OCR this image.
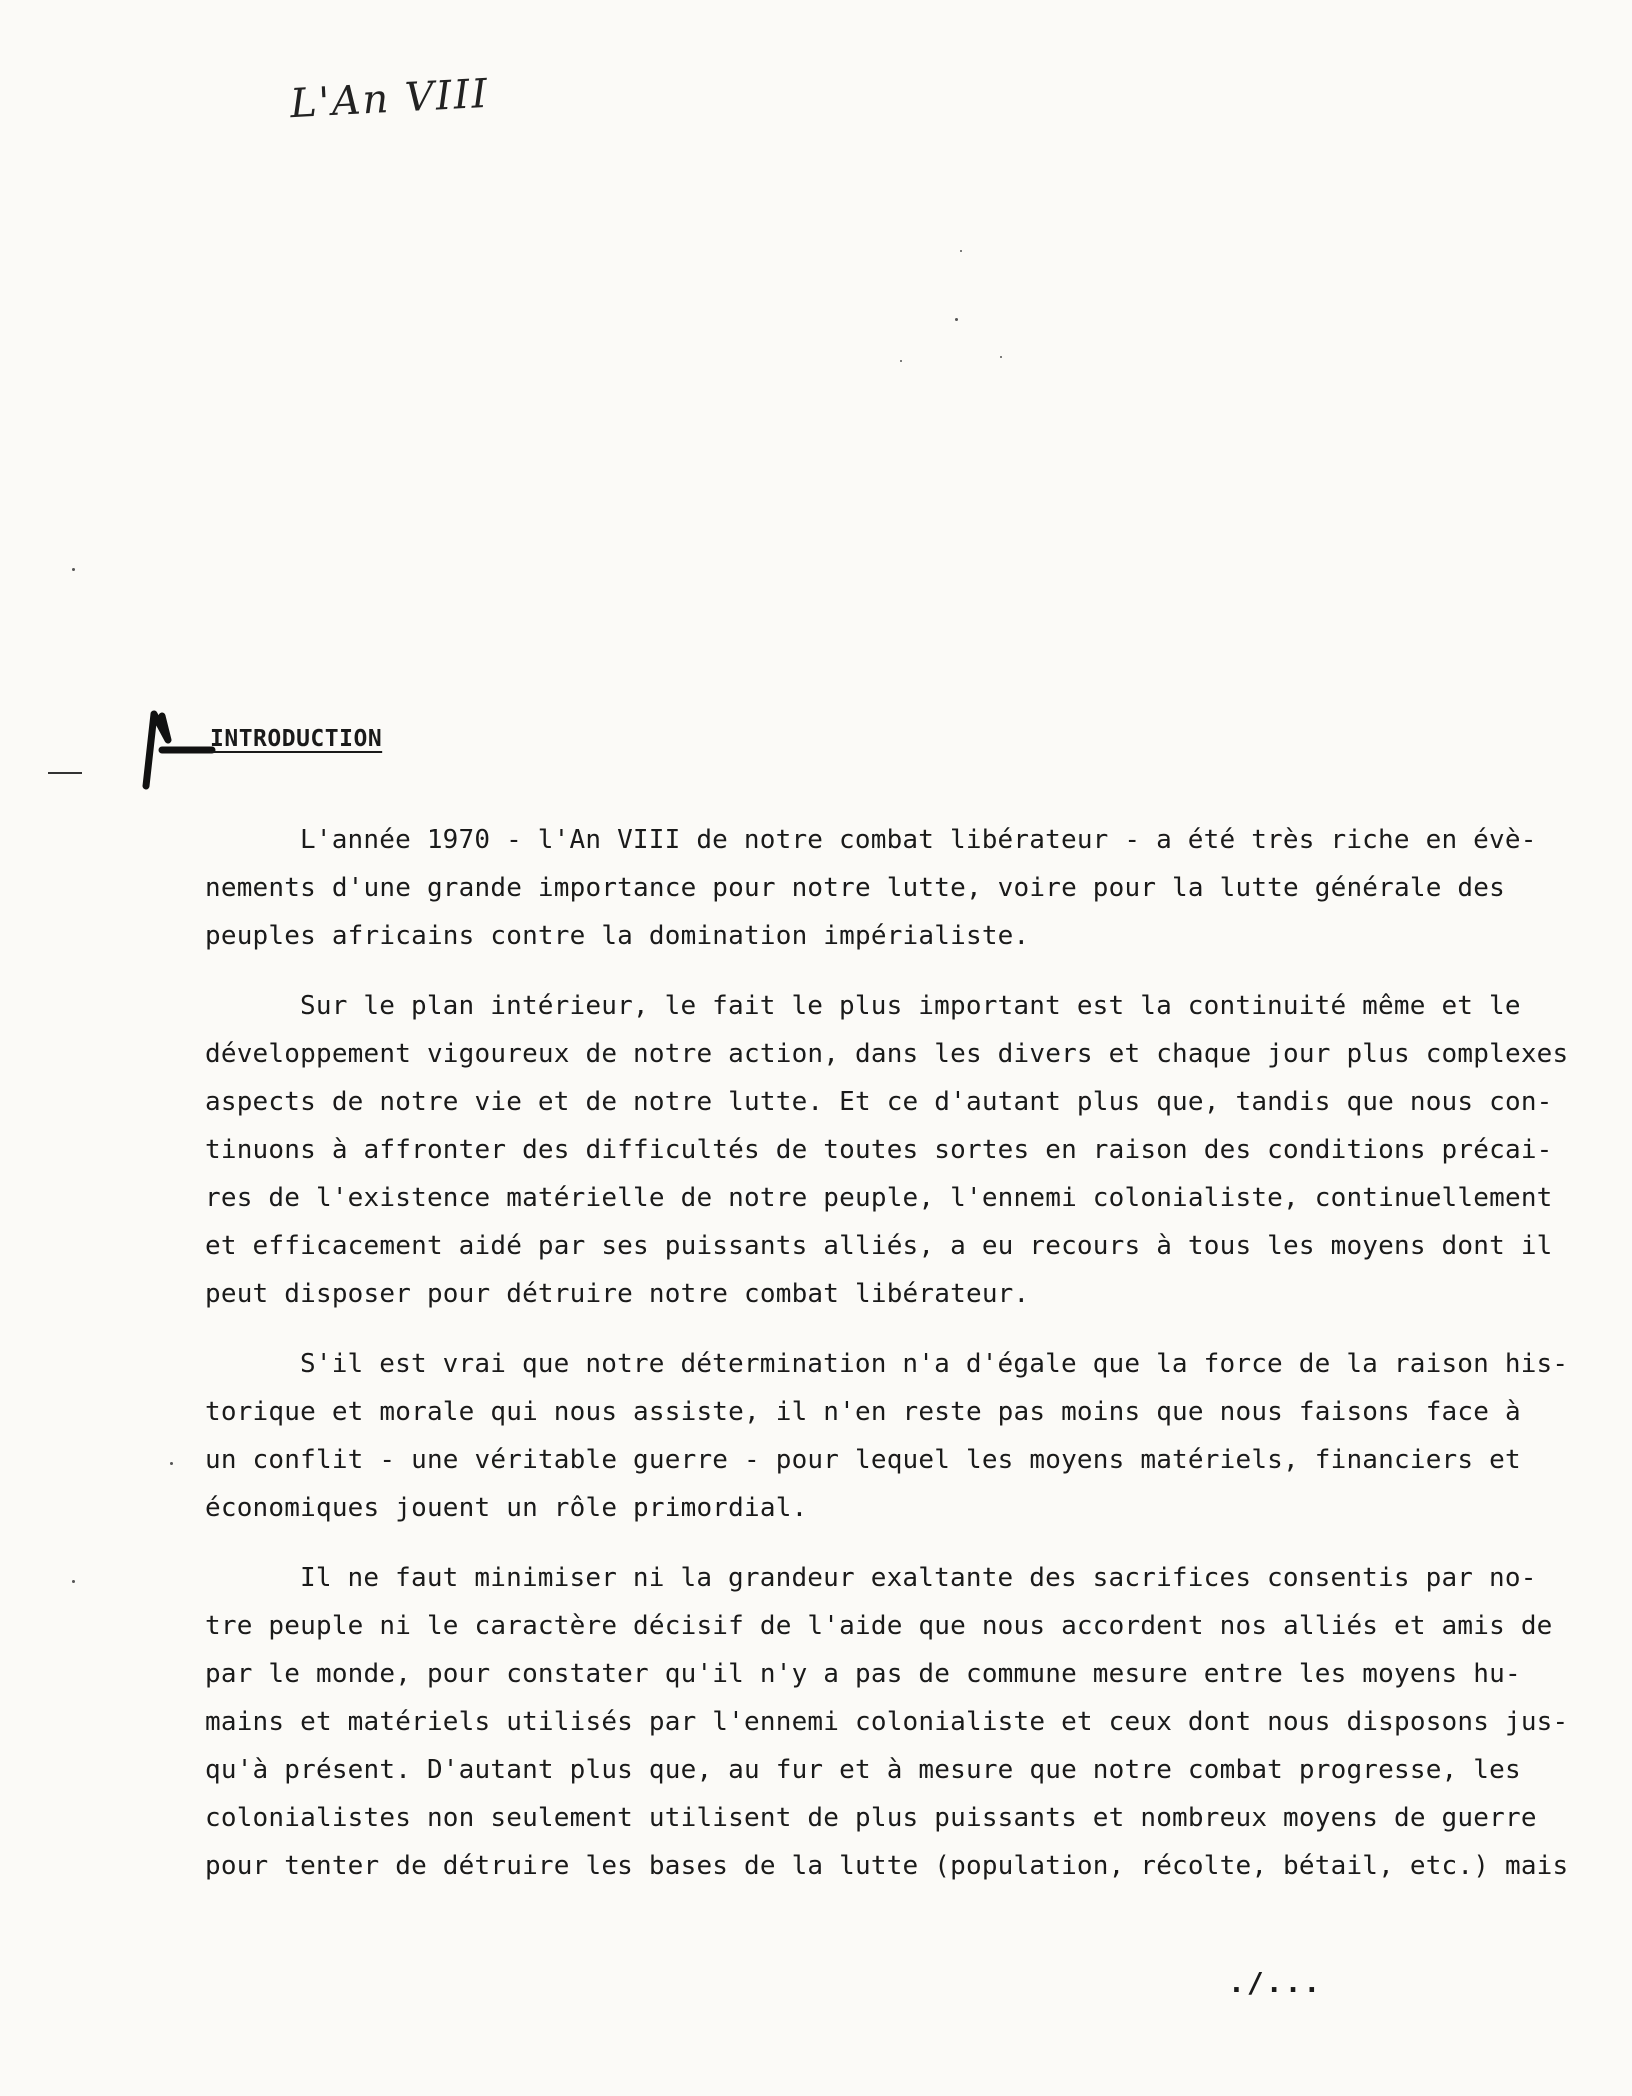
L'An VIII
INTRODUCTION
L'année 1970 - l'An VIII de notre combat libérateur - a été très riche en évè-
nements d'une grande importance pour notre lutte, voire pour la lutte générale des
peuples africains contre la domination impérialiste.
Sur le plan intérieur, le fait le plus important est la continuité même et le
développement vigoureux de notre action, dans les divers et chaque jour plus complexes
aspects de notre vie et de notre lutte. Et ce d'autant plus que, tandis que nous con-
tinuons à affronter des difficultés de toutes sortes en raison des conditions précai-
res de l'existence matérielle de notre peuple, l'ennemi colonialiste, continuellement
et efficacement aidé par ses puissants alliés, a eu recours à tous les moyens dont il
peut disposer pour détruire notre combat libérateur.
S'il est vrai que notre détermination n'a d'égale que la force de la raison his-
torique et morale qui nous assiste, il n'en reste pas moins que nous faisons face à
un conflit - une véritable guerre - pour lequel les moyens matériels, financiers et
économiques jouent un rôle primordial.
Il ne faut minimiser ni la grandeur exaltante des sacrifices consentis par no-
tre peuple ni le caractère décisif de l'aide que nous accordent nos alliés et amis de
par le monde, pour constater qu'il n'y a pas de commune mesure entre les moyens hu-
mains et matériels utilisés par l'ennemi colonialiste et ceux dont nous disposons jus-
qu'à présent. D'autant plus que, au fur et à mesure que notre combat progresse, les
colonialistes non seulement utilisent de plus puissants et nombreux moyens de guerre
pour tenter de détruire les bases de la lutte (population, récolte, bétail, etc.) mais
./...
